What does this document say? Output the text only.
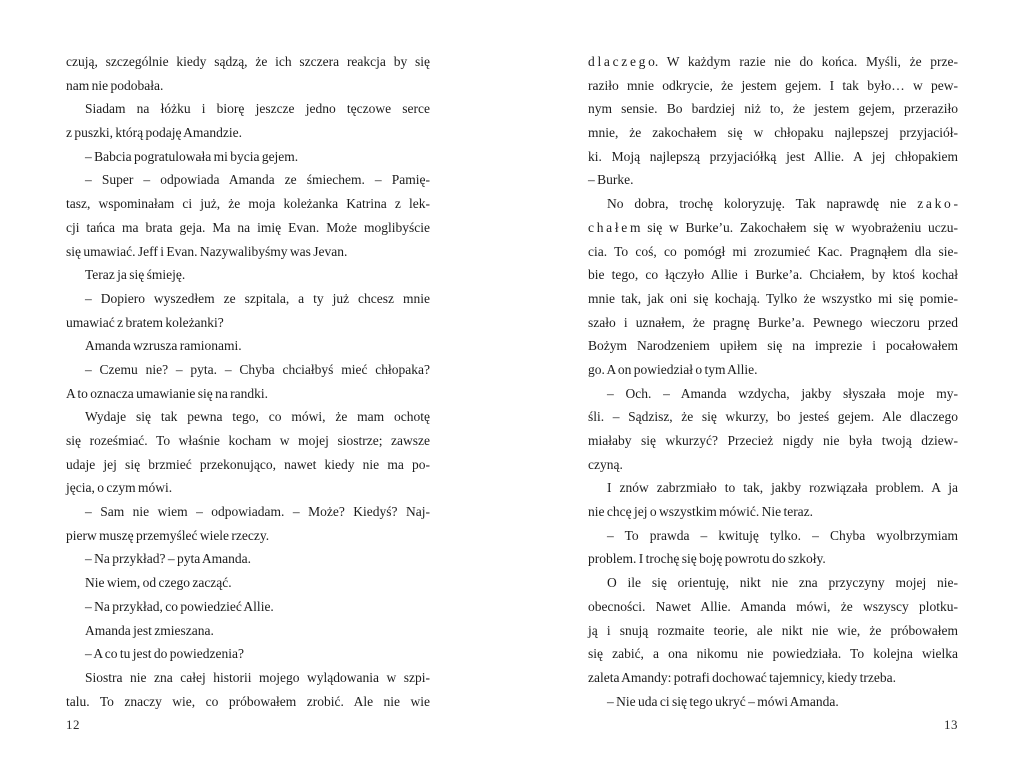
czują, szczególnie kiedy sądzą, że ich szczera reakcja by się
nam nie podobała.
Siadam na łóżku i biorę jeszcze jedno tęczowe serce
z puszki, którą podaję Amandzie.
– Babcia pogratulowała mi bycia gejem.
– Super – odpowiada Amanda ze śmiechem. – Pamię-
tasz, wspominałam ci już, że moja koleżanka Katrina z lek-
cji tańca ma brata geja. Ma na imię Evan. Może moglibyście
się umawiać. Jeff i Evan. Nazywalibyśmy was Jevan.
Teraz ja się śmieję.
– Dopiero wyszedłem ze szpitala, a ty już chcesz mnie
umawiać z bratem koleżanki?
Amanda wzrusza ramionami.
– Czemu nie? – pyta. – Chyba chciałbyś mieć chłopaka?
A to oznacza umawianie się na randki.
Wydaje się tak pewna tego, co mówi, że mam ochotę
się roześmiać. To właśnie kocham w mojej siostrze; zawsze
udaje jej się brzmieć przekonująco, nawet kiedy nie ma po-
jęcia, o czym mówi.
– Sam nie wiem – odpowiadam. – Może? Kiedyś? Naj-
pierw muszę przemyśleć wiele rzeczy.
– Na przykład? – pyta Amanda.
Nie wiem, od czego zacząć.
– Na przykład, co powiedzieć Allie.
Amanda jest zmieszana.
– A co tu jest do powiedzenia?
Siostra nie zna całej historii mojego wylądowania w szpi-
talu. To znaczy wie, co próbowałem zrobić. Ale nie wie
d l a c z e g o. W każdym razie nie do końca. Myśli, że prze-
raziło mnie odkrycie, że jestem gejem. I tak było… w pew-
nym sensie. Bo bardziej niż to, że jestem gejem, przeraziło
mnie, że zakochałem się w chłopaku najlepszej przyjaciół-
ki. Moją najlepszą przyjaciółką jest Allie. A jej chłopakiem
– Burke.
No dobra, trochę koloryzuję. Tak naprawdę nie z a k o -
c h a ł e m się w Burke’u. Zakochałem się w wyobrażeniu uczu-
cia. To coś, co pomógł mi zrozumieć Kac. Pragnąłem dla sie-
bie tego, co łączyło Allie i Burke’a. Chciałem, by ktoś kochał
mnie tak, jak oni się kochają. Tylko że wszystko mi się pomie-
szało i uznałem, że pragnę Burke’a. Pewnego wieczoru przed
Bożym Narodzeniem upiłem się na imprezie i pocałowałem
go. A on powiedział o tym Allie.
– Och. – Amanda wzdycha, jakby słyszała moje my-
śli. – Sądzisz, że się wkurzy, bo jesteś gejem. Ale dlaczego
miałaby się wkurzyć? Przecież nigdy nie była twoją dziew-
czyną.
I znów zabrzmiało to tak, jakby rozwiązała problem. A ja
nie chcę jej o wszystkim mówić. Nie teraz.
– To prawda – kwituję tylko. – Chyba wyolbrzymiam
problem. I trochę się boję powrotu do szkoły.
O ile się orientuję, nikt nie zna przyczyny mojej nie-
obecności. Nawet Allie. Amanda mówi, że wszyscy plotku-
ją i snują rozmaite teorie, ale nikt nie wie, że próbowałem
się zabić, a ona nikomu nie powiedziała. To kolejna wielka
zaleta Amandy: potrafi dochować tajemnicy, kiedy trzeba.
– Nie uda ci się tego ukryć – mówi Amanda.
12	13
